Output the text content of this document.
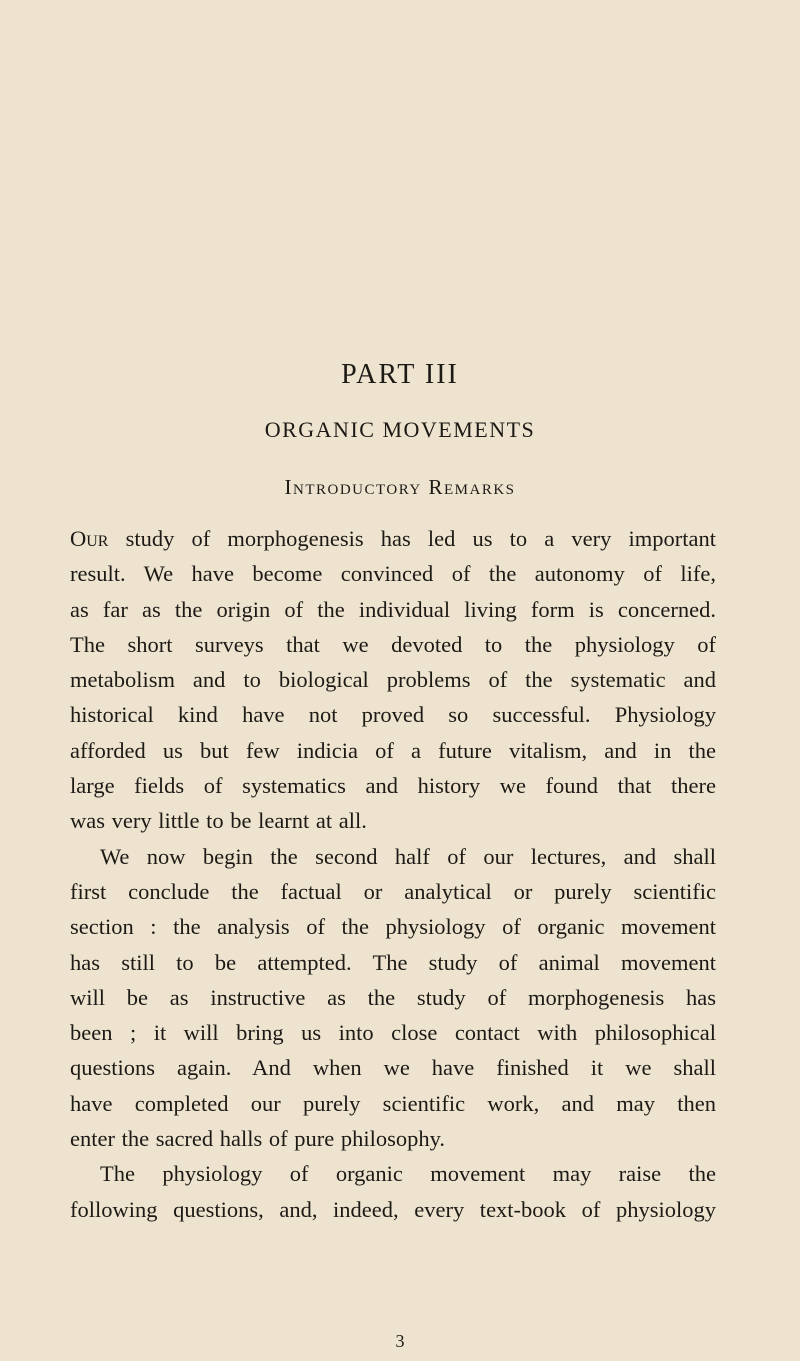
PART III
ORGANIC MOVEMENTS
Introductory Remarks

Our study of morphogenesis has led us to a very important
result. We have become convinced of the autonomy of life,
as far as the origin of the individual living form is concerned.
The short surveys that we devoted to the physiology of
metabolism and to biological problems of the systematic and
historical kind have not proved so successful. Physiology
afforded us but few indicia of a future vitalism, and in the
large fields of systematics and history we found that there
was very little to be learnt at all.

We now begin the second half of our lectures, and shall
first conclude the factual or analytical or purely scientific
section : the analysis of the physiology of organic movement
has still to be attempted. The study of animal movement
will be as instructive as the study of morphogenesis has
been ; it will bring us into close contact with philosophical
questions again. And when we have finished it we shall
have completed our purely scientific work, and may then
enter the sacred halls of pure philosophy.

The physiology of organic movement may raise the
following questions, and, indeed, every text-book of physiology

3
